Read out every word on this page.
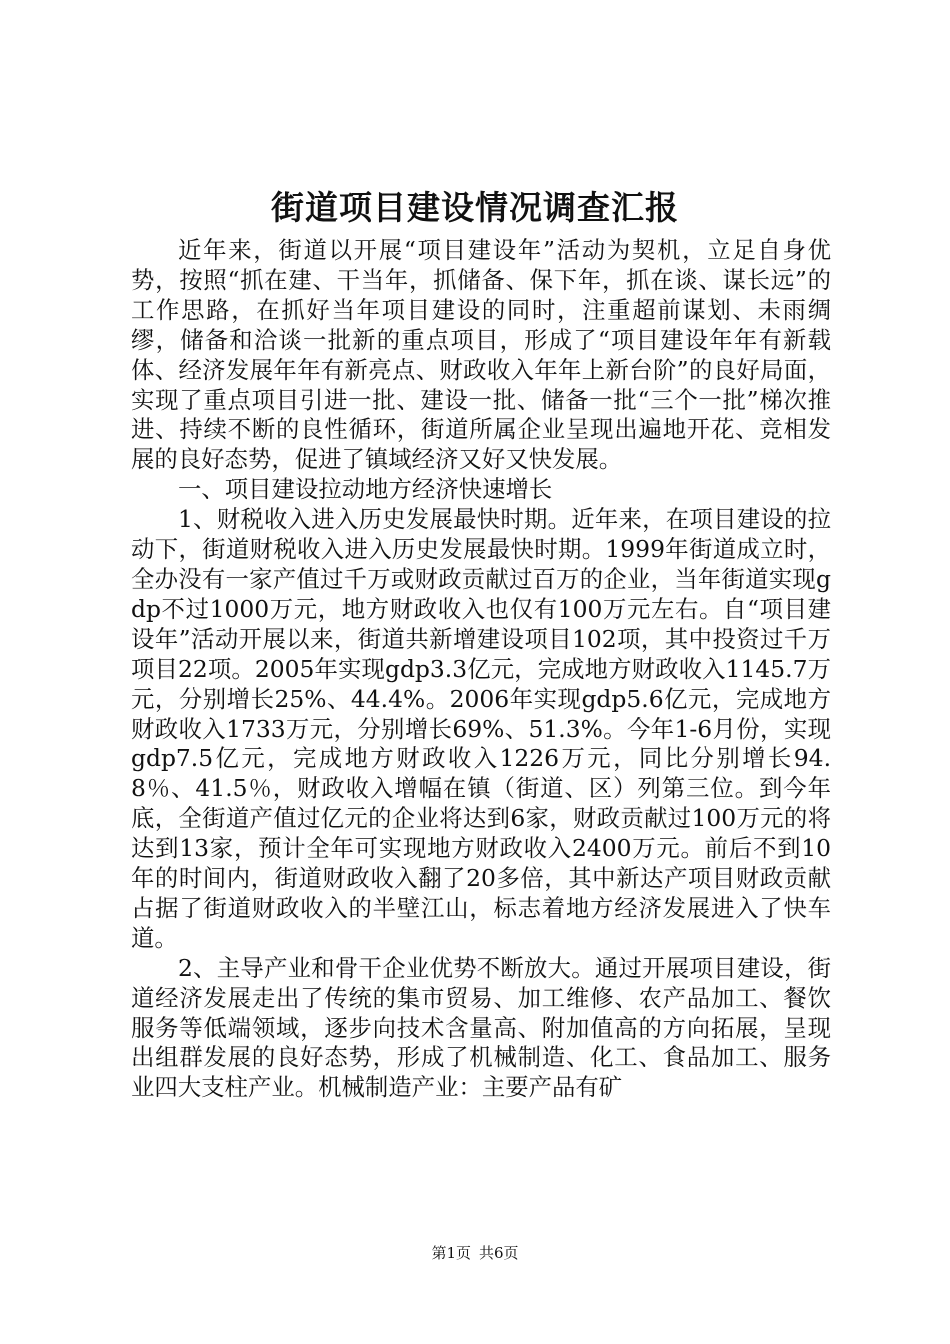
街道项目建设情况调查汇报

近年来，街道以开展“项目建设年”活动为契机，立足自身优势，按照“抓在建、干当年，抓储备、保下年，抓在谈、谋长远”的工作思路，在抓好当年项目建设的同时，注重超前谋划、未雨绸缪，储备和洽谈一批新的重点项目，形成了“项目建设年年有新载体、经济发展年年有新亮点、财政收入年年上新台阶”的良好局面，实现了重点项目引进一批、建设一批、储备一批“三个一批”梯次推进、持续不断的良性循环，街道所属企业呈现出遍地开花、竞相发展的良好态势，促进了镇域经济又好又快发展。

一、项目建设拉动地方经济快速增长

1、财税收入进入历史发展最快时期。近年来，在项目建设的拉动下，街道财税收入进入历史发展最快时期。1999年街道成立时，全办没有一家产值过千万或财政贡献过百万的企业，当年街道实现gdp不过1000万元，地方财政收入也仅有100万元左右。自“项目建设年”活动开展以来，街道共新增建设项目102项，其中投资过千万项目22项。2005年实现gdp3.3亿元，完成地方财政收入1145.7万元，分别增长25%、44.4%。2006年实现gdp5.6亿元，完成地方财政收入1733万元，分别增长69%、51.3%。今年1-6月份，实现gdp7.5亿元，完成地方财政收入1226万元，同比分别增长94.8％、41.5％，财政收入增幅在镇（街道、区）列第三位。到今年底，全街道产值过亿元的企业将达到6家，财政贡献过100万元的将达到13家，预计全年可实现地方财政收入2400万元。前后不到10年的时间内，街道财政收入翻了20多倍，其中新达产项目财政贡献占据了街道财政收入的半壁江山，标志着地方经济发展进入了快车道。

2、主导产业和骨干企业优势不断放大。通过开展项目建设，街道经济发展走出了传统的集市贸易、加工维修、农产品加工、餐饮服务等低端领域，逐步向技术含量高、附加值高的方向拓展，呈现出组群发展的良好态势，形成了机械制造、化工、食品加工、服务业四大支柱产业。机械制造产业：主要产品有矿

第1页 共6页
